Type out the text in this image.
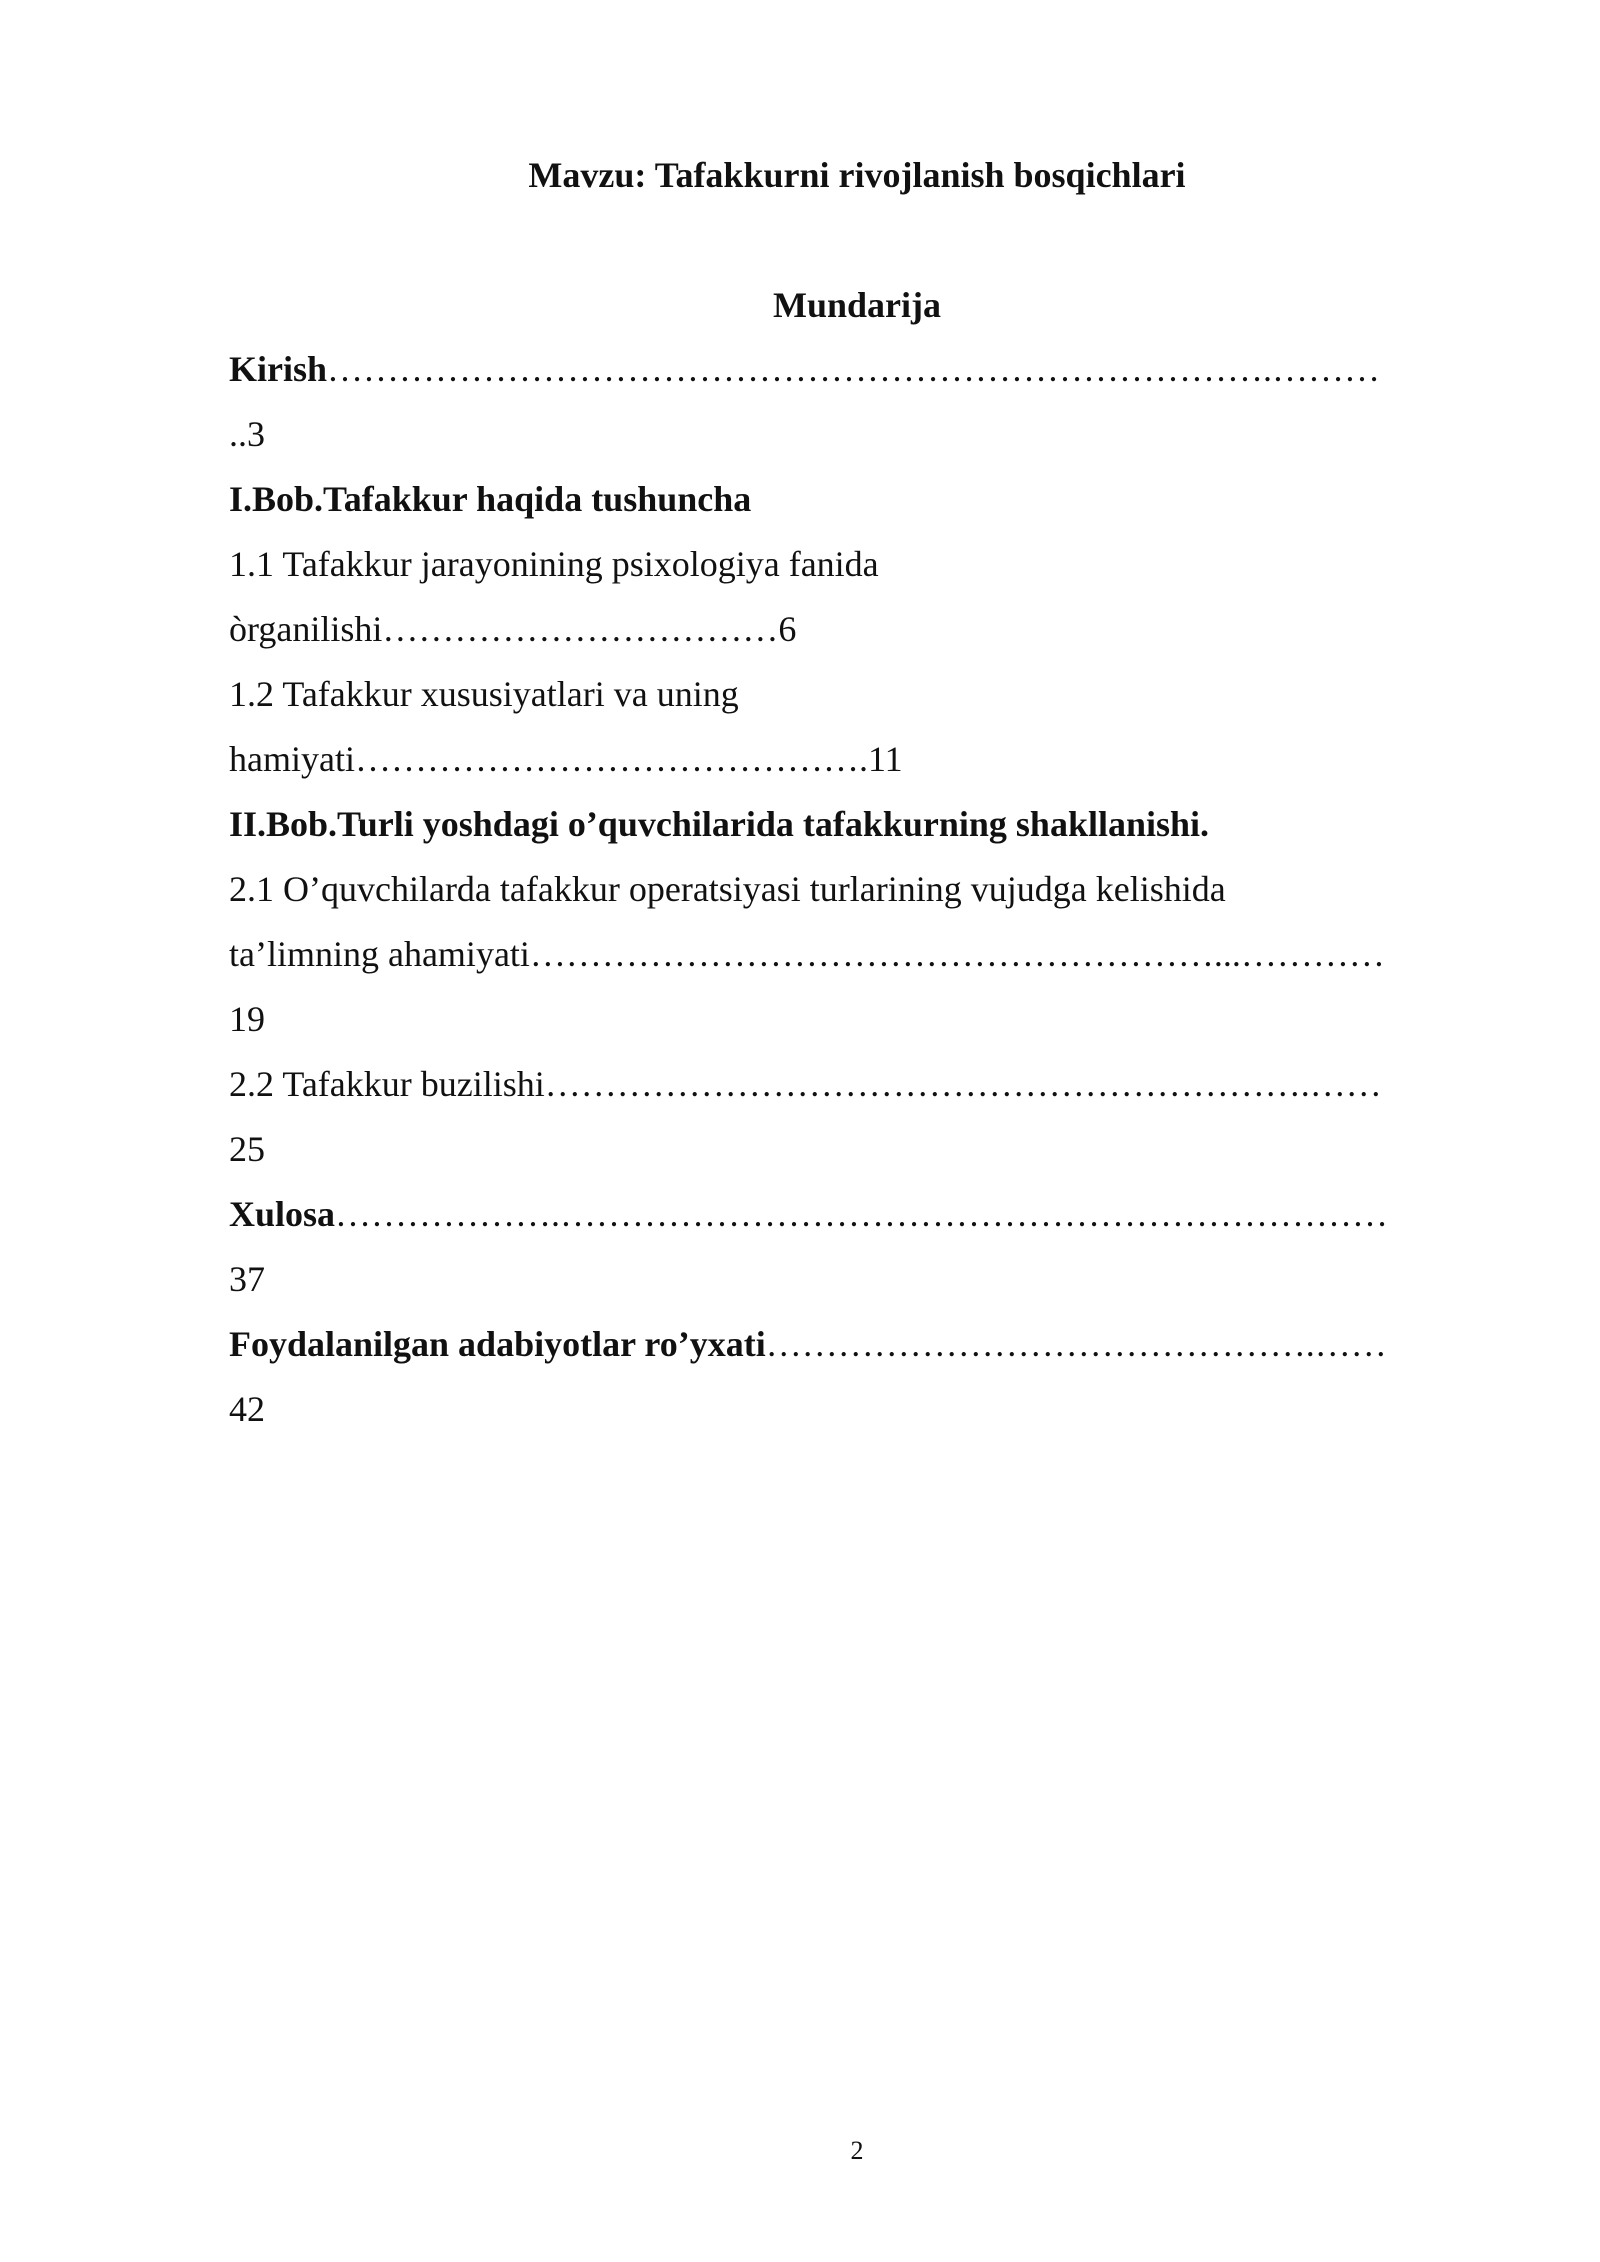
Mavzu: Tafakkurni rivojlanish bosqichlari
Mundarija
Kirish…………………………………………………………………….………
..3
I.Bob.Tafakkur haqida tushuncha
1.1 Tafakkur jarayonining psixologiya fanida
òrganilishi……………………………6
1.2 Tafakkur xususiyatlari va uning
hamiyati…………………………………….11
II.Bob.Turli yoshdagi o’quvchilarida tafakkurning shakllanishi.
2.1 O’quvchilarda tafakkur operatsiyasi turlarining vujudga kelishida
ta’limning ahamiyati…………………………………………………...…………
19
2.2 Tafakkur buzilishi……………………………………………………….……
25
Xulosa……………….……………………………………………………………
37
Foydalanilgan adabiyotlar ro’yxati……………………………………….……
42
2
